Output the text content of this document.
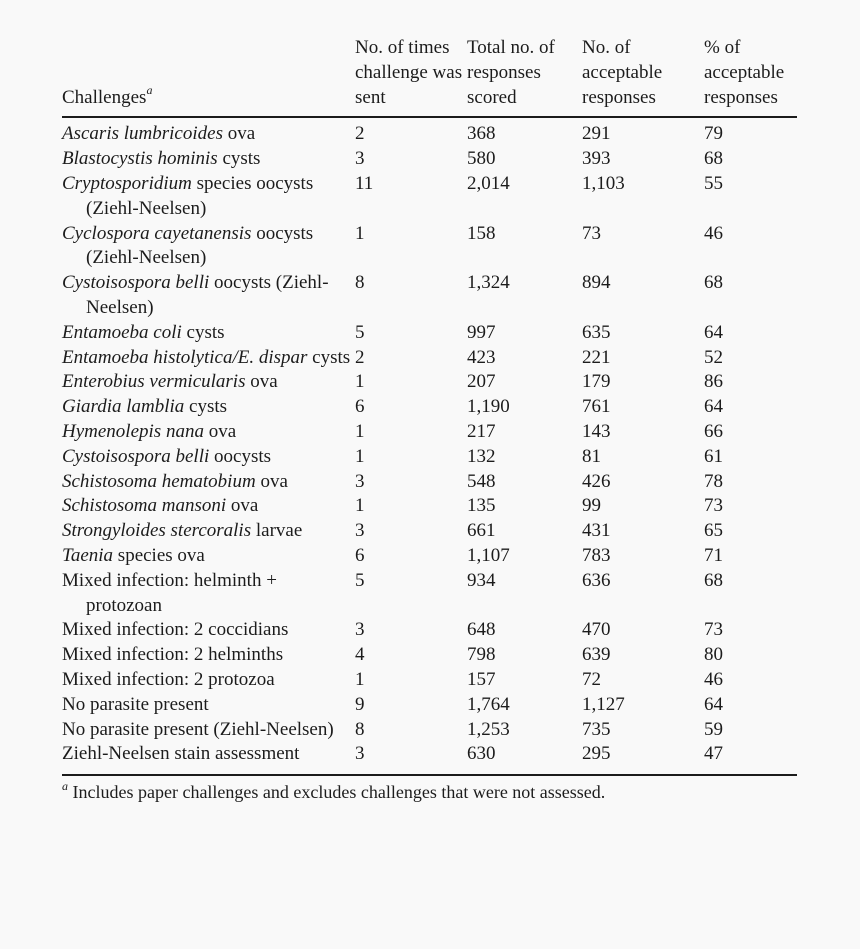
Challenges$^a$	No. of times challenge was sent	Total no. of responses scored	No. of acceptable responses	% of acceptable responses
Ascaris lumbricoides ova	2	368	291	79
Blastocystis hominis cysts	3	580	393	68
Cryptosporidium species oocysts (Ziehl-Neelsen)	11	2,014	1,103	55
Cyclospora cayetanensis oocysts (Ziehl-Neelsen)	1	158	73	46
Cystoisospora belli oocysts (Ziehl-Neelsen)	8	1,324	894	68
Entamoeba coli cysts	5	997	635	64
Entamoeba histolytica/E. dispar cysts	2	423	221	52
Enterobius vermicularis ova	1	207	179	86
Giardia lamblia cysts	6	1,190	761	64
Hymenolepis nana ova	1	217	143	66
Cystoisospora belli oocysts	1	132	81	61
Schistosoma hematobium ova	3	548	426	78
Schistosoma mansoni ova	1	135	99	73
Strongyloides stercoralis larvae	3	661	431	65
Taenia species ova	6	1,107	783	71
Mixed infection: helminth + protozoan	5	934	636	68
Mixed infection: 2 coccidians	3	648	470	73
Mixed infection: 2 helminths	4	798	639	80
Mixed infection: 2 protozoa	1	157	72	46
No parasite present	9	1,764	1,127	64
No parasite present (Ziehl-Neelsen)	8	1,253	735	59
Ziehl-Neelsen stain assessment	3	630	295	47
$^a$ Includes paper challenges and excludes challenges that were not assessed.
